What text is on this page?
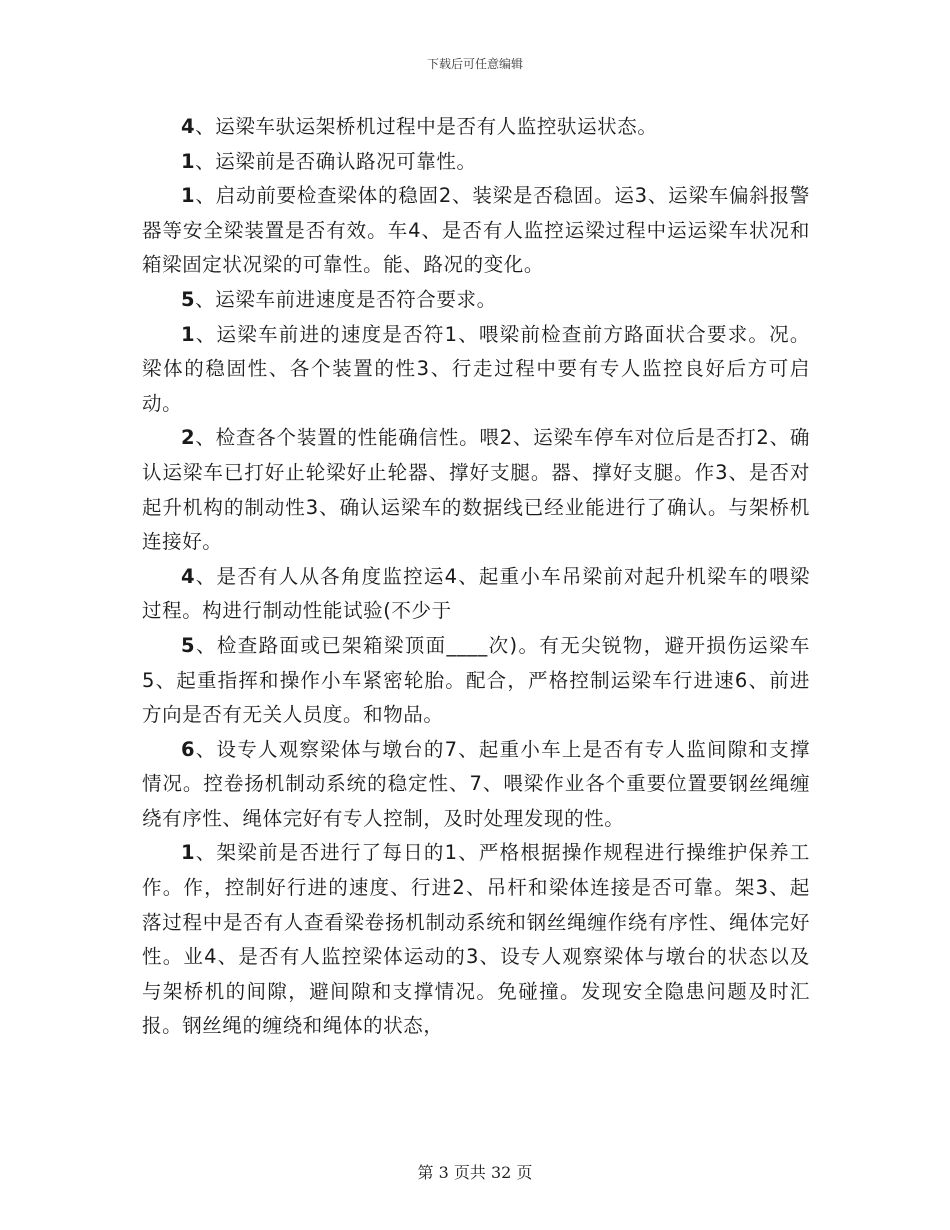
下载后可任意编辑

4、运梁车驮运架桥机过程中是否有人监控驮运状态。

1、运梁前是否确认路况可靠性。

1、启动前要检查梁体的稳固2、装梁是否稳固。运3、运梁车偏斜报警器等安全梁装置是否有效。车4、是否有人监控运梁过程中运运梁车状况和箱梁固定状况梁的可靠性。能、路况的变化。

5、运梁车前进速度是否符合要求。

1、运梁车前进的速度是否符1、喂梁前检查前方路面状合要求。况。梁体的稳固性、各个装置的性3、行走过程中要有专人监控良好后方可启动。

2、检查各个装置的性能确信性。喂2、运梁车停车对位后是否打2、确认运梁车已打好止轮梁好止轮器、撑好支腿。器、撑好支腿。作3、是否对起升机构的制动性3、确认运梁车的数据线已经业能进行了确认。与架桥机连接好。

4、是否有人从各角度监控运4、起重小车吊梁前对起升机梁车的喂梁过程。构进行制动性能试验(不少于

5、检查路面或已架箱梁顶面____次)。有无尖锐物，避开损伤运梁车5、起重指挥和操作小车紧密轮胎。配合，严格控制运梁车行进速6、前进方向是否有无关人员度。和物品。

6、设专人观察梁体与墩台的7、起重小车上是否有专人监间隙和支撑情况。控卷扬机制动系统的稳定性、7、喂梁作业各个重要位置要钢丝绳缠绕有序性、绳体完好有专人控制，及时处理发现的性。

1、架梁前是否进行了每日的1、严格根据操作规程进行操维护保养工作。作，控制好行进的速度、行进2、吊杆和梁体连接是否可靠。架3、起落过程中是否有人查看梁卷扬机制动系统和钢丝绳缠作绕有序性、绳体完好性。业4、是否有人监控梁体运动的3、设专人观察梁体与墩台的状态以及与架桥机的间隙，避间隙和支撑情况。免碰撞。发现安全隐患问题及时汇报。钢丝绳的缠绕和绳体的状态，

第 3 页共 32 页
